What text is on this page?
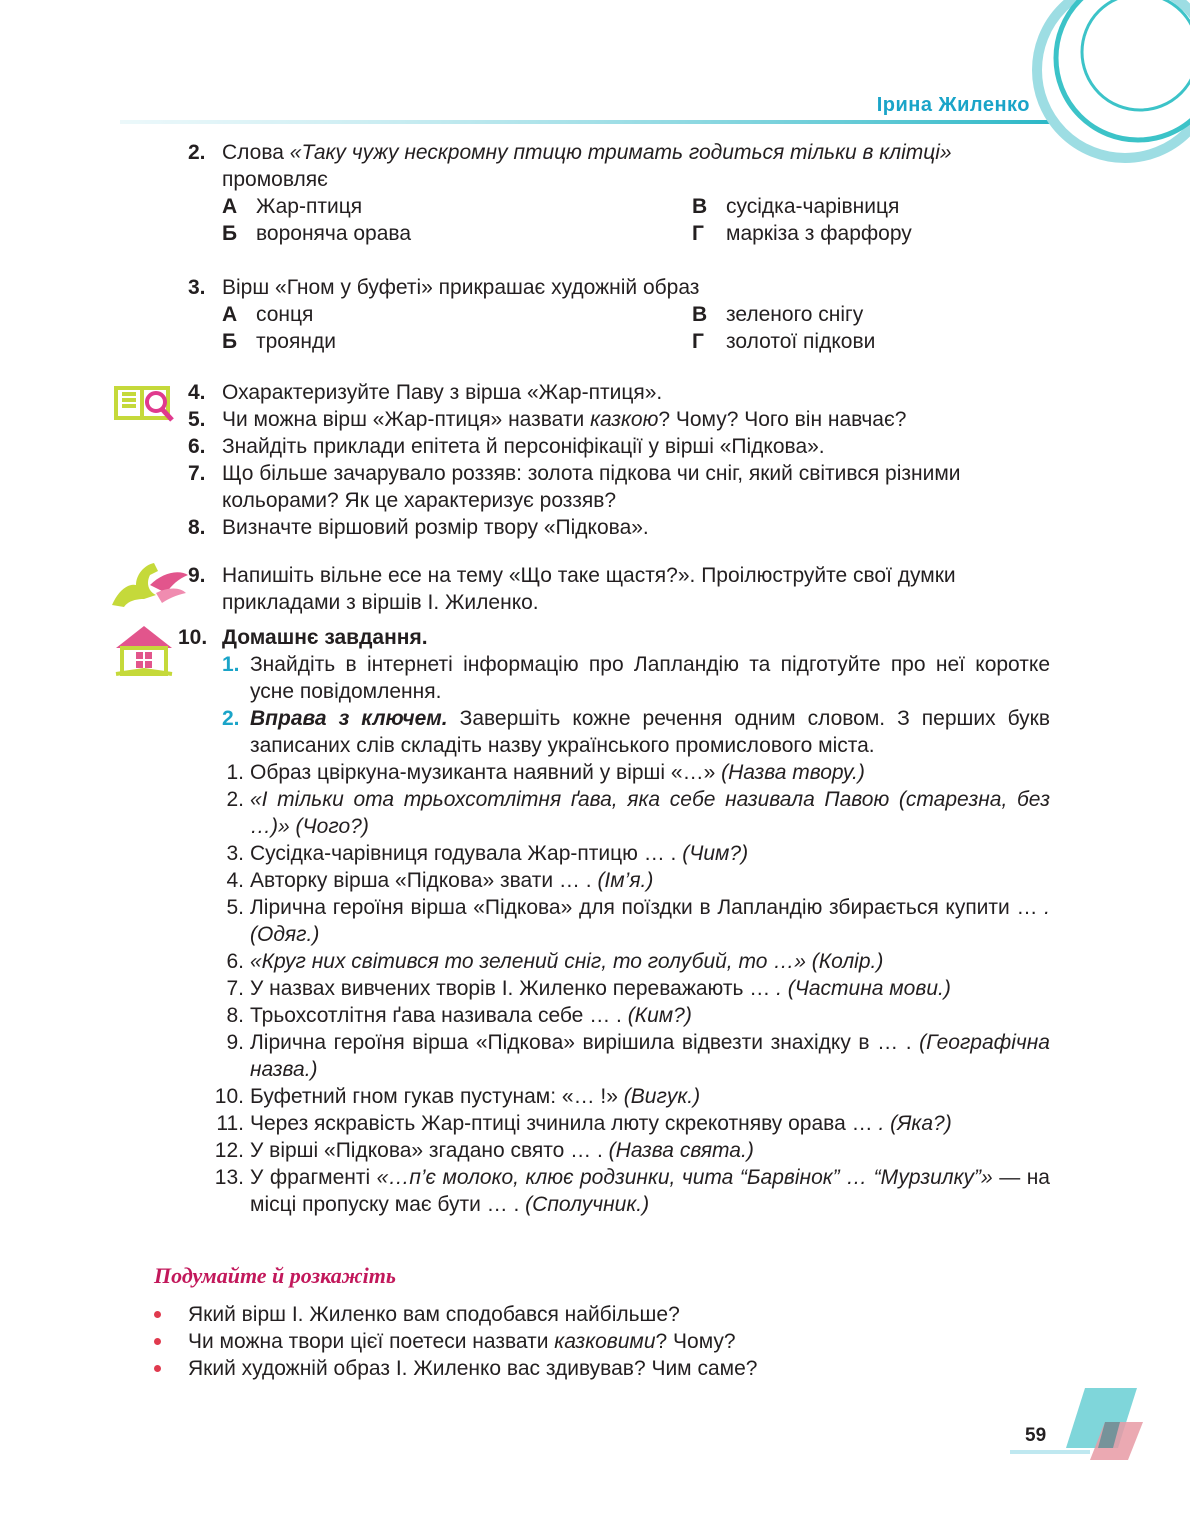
Ірина Жиленко
2. Слова «Таку чужу нескромну птицю тримать годиться тільки в клітці» промовляє
А Жар-птиця	В сусідка-чарівниця
Б вороняча орава	Г маркіза з фарфору
3. Вірш «Гном у буфеті» прикрашає художній образ
А сонця	В зеленого снігу
Б троянди	Г золотої підкови
4. Охарактеризуйте Паву з вірша «Жар-птиця».
5. Чи можна вірш «Жар-птиця» назвати казкою? Чому? Чого він навчає?
6. Знайдіть приклади епітета й персоніфікації у вірші «Підкова».
7. Що більше зачарувало роззяв: золота підкова чи сніг, який світився різними кольорами? Як це характеризує роззяв?
8. Визначте віршовий розмір твору «Підкова».
9. Напишіть вільне есе на тему «Що таке щастя?». Проілюструйте свої думки прикладами з віршів І. Жиленко.
10. Домашнє завдання.
1. Знайдіть в інтернеті інформацію про Лапландію та підготуйте про неї коротке усне повідомлення.
2. Вправа з ключем. Завершіть кожне речення одним словом. З перших букв записаних слів складіть назву українського промислового міста.
1. Образ цвіркуна-музиканта наявний у вірші «…» (Назва твору.)
2. «І тільки ота трьохсотлітня ґава, яка себе називала Павою (старезна, без …)» (Чого?)
3. Сусідка-чарівниця годувала Жар-птицю … . (Чим?)
4. Авторку вірша «Підкова» звати … . (Ім’я.)
5. Лірична героїня вірша «Підкова» для поїздки в Лапландію збирається купити … . (Одяг.)
6. «Круг них світився то зелений сніг, то голубий, то …» (Колір.)
7. У назвах вивчених творів І. Жиленко переважають … . (Частина мови.)
8. Трьохсотлітня ґава називала себе … . (Ким?)
9. Лірична героїня вірша «Підкова» вирішила відвезти знахідку в … . (Географічна назва.)
10. Буфетний гном гукав пустунам: «… !» (Вигук.)
11. Через яскравість Жар-птиці зчинила люту скрекотняву орава … . (Яка?)
12. У вірші «Підкова» згадано свято … . (Назва свята.)
13. У фрагменті «…п’є молоко, клює родзинки, чита “Барвінок” … “Мурзилку”» — на місці пропуску має бути … . (Сполучник.)
Подумайте й розкажіть
Який вірш І. Жиленко вам сподобався найбільше?
Чи можна твори цієї поетеси назвати казковими? Чому?
Який художній образ І. Жиленко вас здивував? Чим саме?
59
